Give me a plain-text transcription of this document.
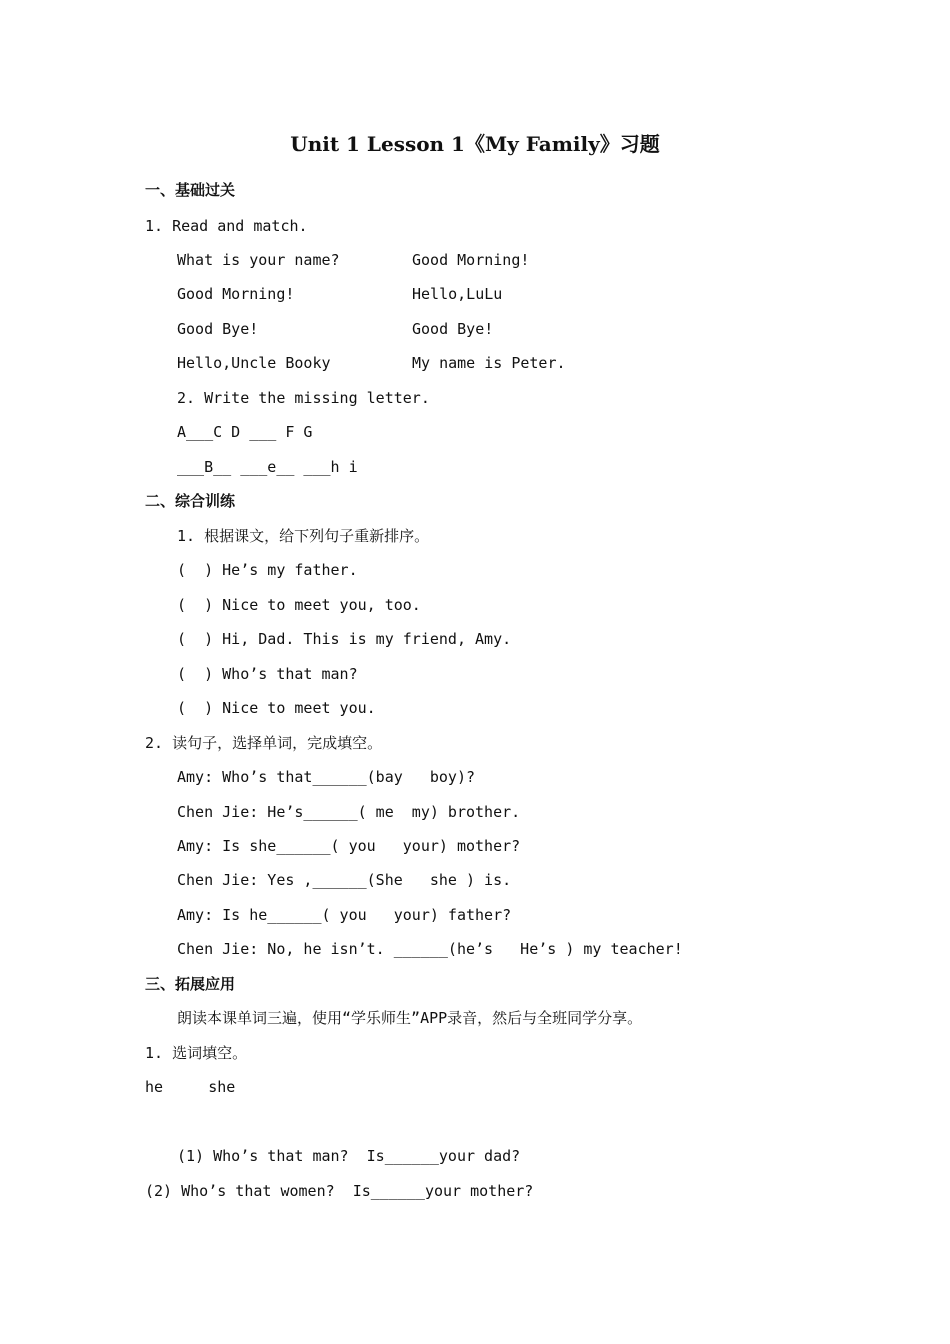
Unit 1 Lesson 1《My Family》习题
一、基础过关
1. Read and match.
What is your name?	Good Morning!
Good Morning!	Hello,LuLu
Good Bye!	Good Bye!
Hello,Uncle Booky	My name is Peter.
2. Write the missing letter.
A___C D ___ F G
___B__ ___e__ ___h i
二、综合训练
1. 根据课文，给下列句子重新排序。
(  ) He’s my father.
(  ) Nice to meet you, too.
(  ) Hi, Dad. This is my friend, Amy.
(  ) Who’s that man?
(  ) Nice to meet you.
2. 读句子，选择单词，完成填空。
Amy: Who’s that______(bay   boy)?
Chen Jie: He’s______( me  my) brother.
Amy: Is she______( you   your) mother?
Chen Jie: Yes ,______(She   she ) is.
Amy: Is he______( you   your) father?
Chen Jie: No, he isn’t. ______(he’s   He’s ) my teacher!
三、拓展应用
朗读本课单词三遍，使用“学乐师生”APP录音，然后与全班同学分享。
1. 选词填空。
he     she
(1) Who’s that man?  Is______your dad?
(2) Who’s that women?  Is______your mother?
